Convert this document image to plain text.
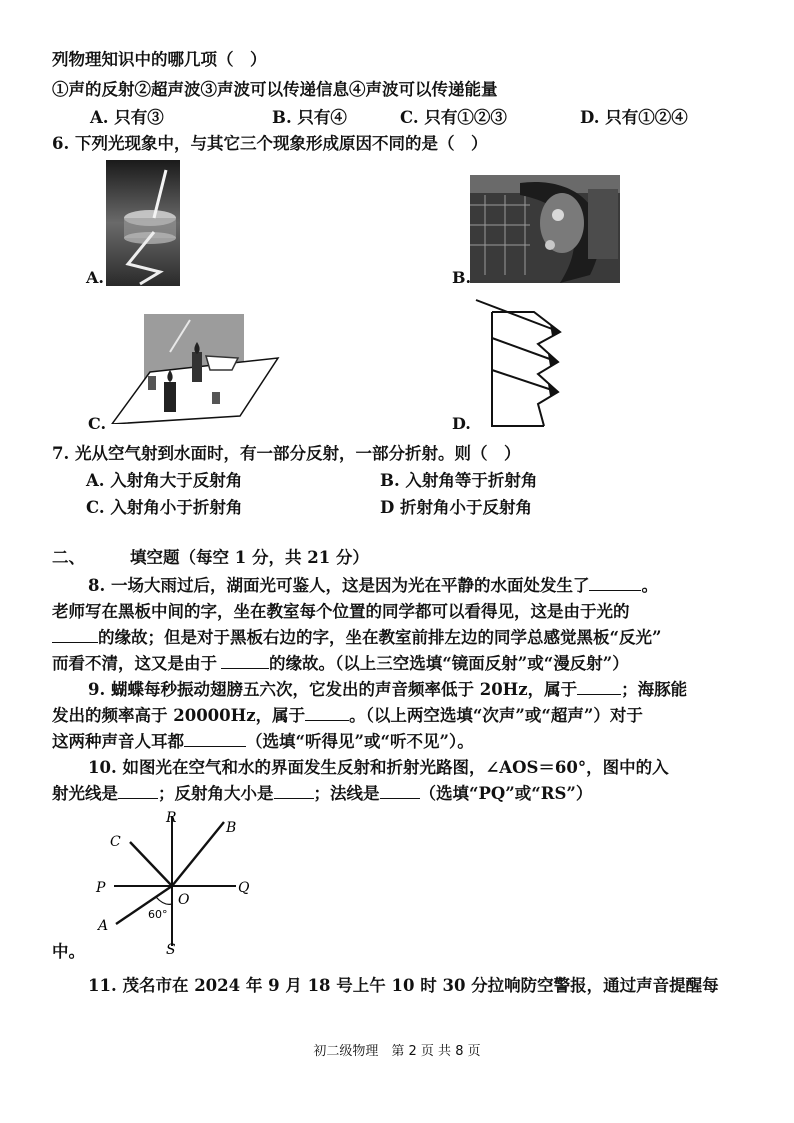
列物理知识中的哪几项（　）
①声的反射②超声波③声波可以传递信息④声波可以传递能量
A. 只有③	B. 只有④	C. 只有①②③	D. 只有①②④
6. 下列光现象中，与其它三个现象形成原因不同的是（　）
A.	B.
C.	D.
7. 光从空气射到水面时，有一部分反射，一部分折射。则（　）
A. 入射角大于反射角	B. 入射角等于折射角
C. 入射角小于折射角	D 折射角小于反射角
二、	填空题（每空 1 分，共 21 分）
8. 一场大雨过后，湖面光可鉴人，这是因为光在平静的水面处发生了	。
老师写在黑板中间的字，坐在教室每个位置的同学都可以看得见，这是由于光的
的缘故；但是对于黑板右边的字，坐在教室前排左边的同学总感觉黑板“反光”
而看不清，这又是由于	的缘故。（以上三空选填“镜面反射”或“漫反射”）
9. 蝴蝶每秒振动翅膀五六次，它发出的声音频率低于 20Hz，属于	；海豚能
发出的频率高于 20000Hz，属于	。（以上两空选填“次声”或“超声”）对于
这两种声音人耳都	（选填“听得见”或“听不见”）。
10. 如图光在空气和水的界面发生反射和折射光路图，∠AOS＝60°，图中的入
射光线是 ；反射角大小是 ；法线是 （选填“PQ”或“RS”）
R
B
C
P
O
Q
A
S
60°
中。
11. 茂名市在 2024 年 9 月 18 号上午 10 时 30 分拉响防空警报，通过声音提醒每
初二级物理　第 2 页 共 8 页
